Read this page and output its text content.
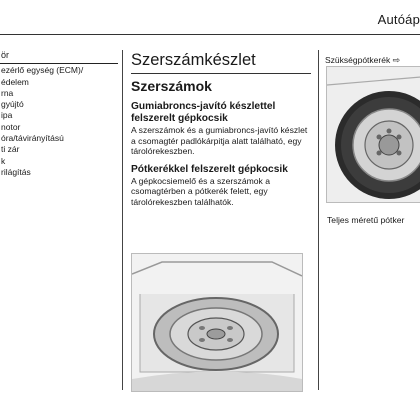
Autóáp
ör
ezérlő egység (ECM)/
édelem
rna
gyújtó
ipa
notor
óra/távirányítású
ti zár
k
rilágítás
Szerszámkészlet
Szerszámok
Gumiabroncs-javító készlettel felszerelt gépkocsik

A szerszámok és a gumiabroncs-javító készlet a csomagtér padlókárpitja alatt található, egy tárolórekeszben.

Pótkerékkel felszerelt gépkocsik

A gépkocsiemelő és a szerszámok a csomagtérben a pótkerék felett, egy tárolórekeszben találhatók.

Szükségpótkerék ⇨
Teljes méretű pótker
